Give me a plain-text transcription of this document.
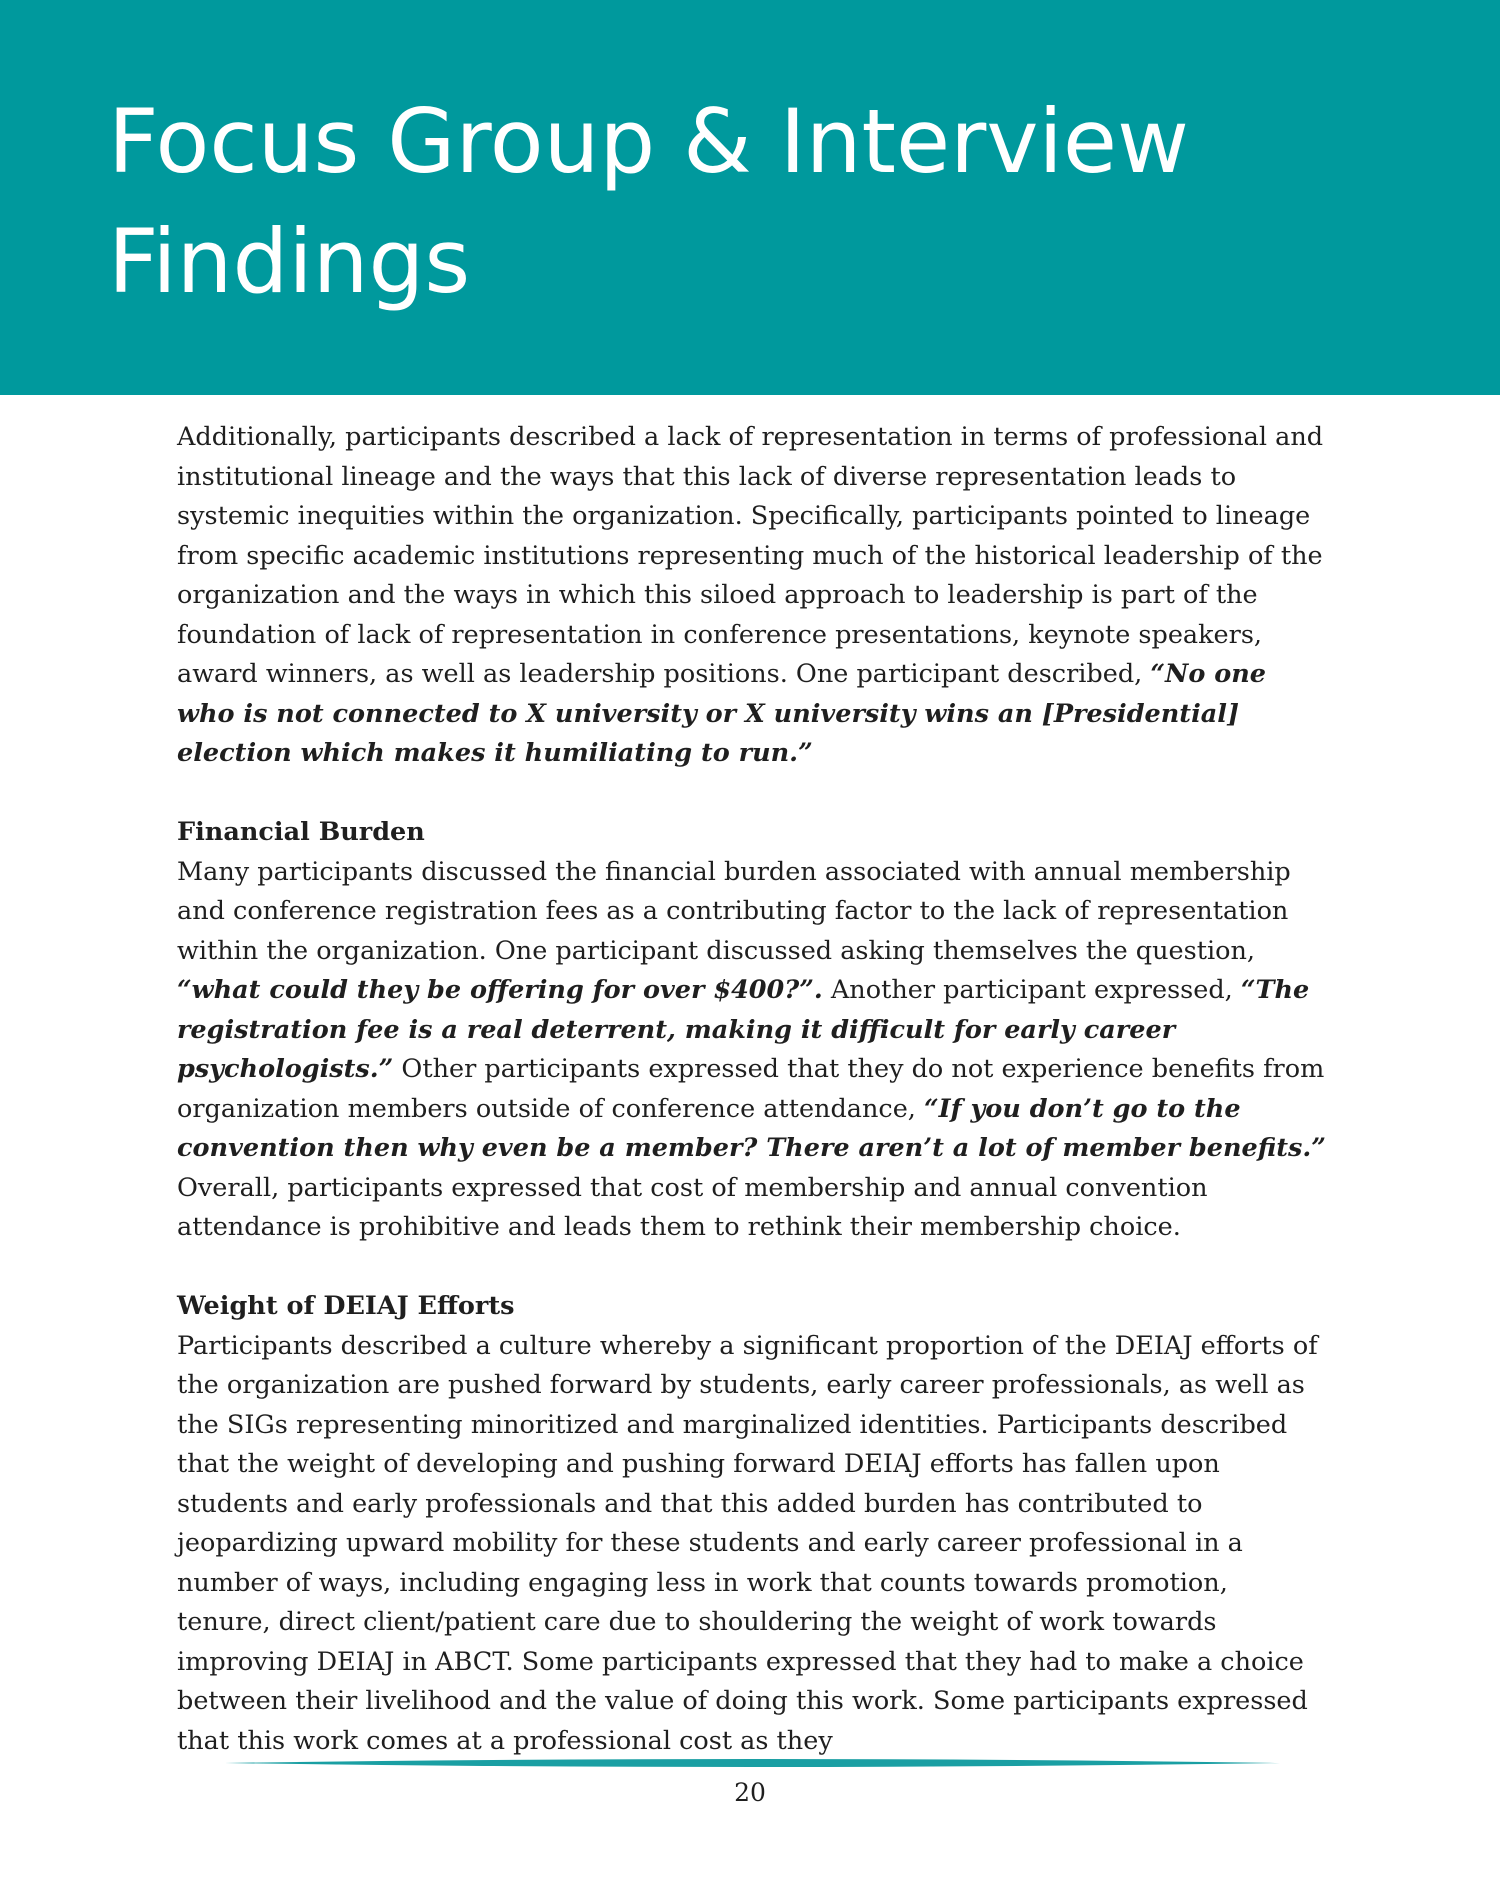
Focus Group & Interview Findings

Additionally, participants described a lack of representation in terms of professional and institutional lineage and the ways that this lack of diverse representation leads to systemic inequities within the organization. Specifically, participants pointed to lineage from specific academic institutions representing much of the historical leadership of the organization and the ways in which this siloed approach to leadership is part of the foundation of lack of representation in conference presentations, keynote speakers, award winners, as well as leadership positions. One participant described, “No one who is not connected to X university or X university wins an [Presidential] election which makes it humiliating to run.”

Financial Burden

Many participants discussed the financial burden associated with annual membership and conference registration fees as a contributing factor to the lack of representation within the organization. One participant discussed asking themselves the question, “what could they be offering for over $400?”. Another participant expressed, “The registration fee is a real deterrent, making it difficult for early career psychologists.” Other participants expressed that they do not experience benefits from organization members outside of conference attendance, “If you don’t go to the convention then why even be a member? There aren’t a lot of member benefits.” Overall, participants expressed that cost of membership and annual convention attendance is prohibitive and leads them to rethink their membership choice.

Weight of DEIAJ Efforts

Participants described a culture whereby a significant proportion of the DEIAJ efforts of the organization are pushed forward by students, early career professionals, as well as the SIGs representing minoritized and marginalized identities. Participants described that the weight of developing and pushing forward DEIAJ efforts has fallen upon students and early professionals and that this added burden has contributed to jeopardizing upward mobility for these students and early career professional in a number of ways, including engaging less in work that counts towards promotion, tenure, direct client/patient care due to shouldering the weight of work towards improving DEIAJ in ABCT. Some participants expressed that they had to make a choice between their livelihood and the value of doing this work. Some participants expressed that this work comes at a professional cost as they

20
